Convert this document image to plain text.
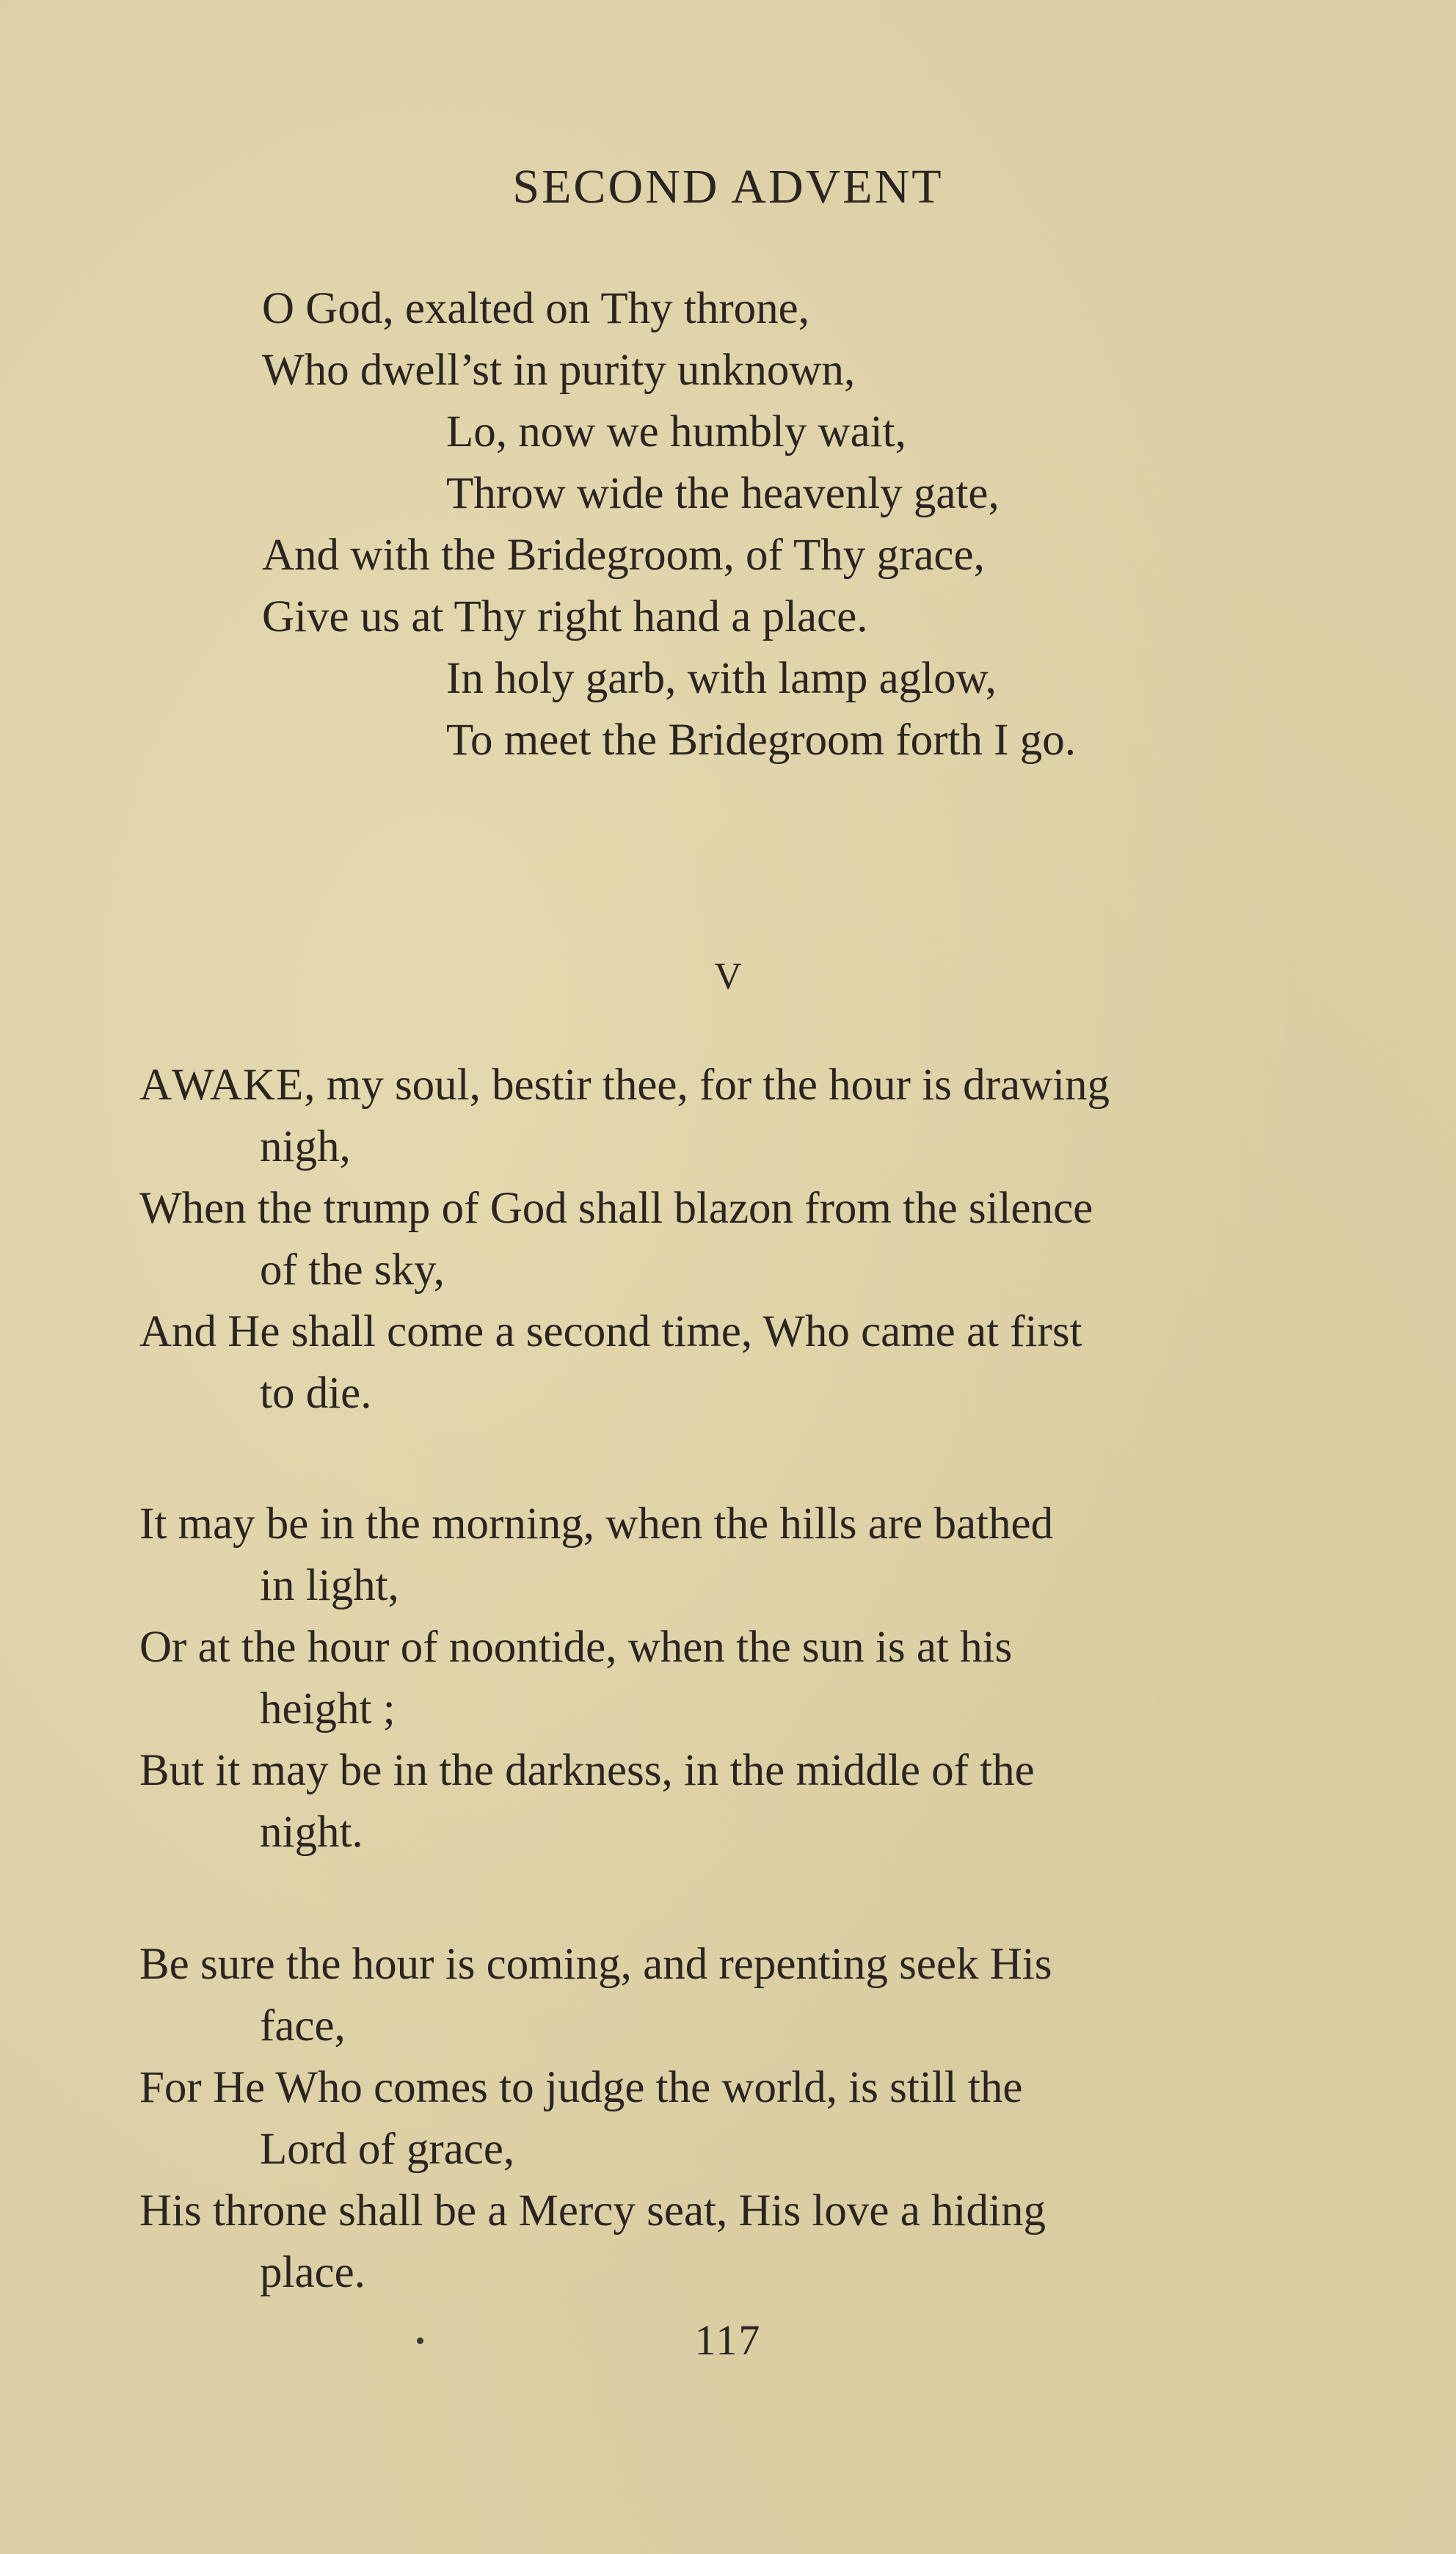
SECOND ADVENT
O God, exalted on Thy throne,
Who dwell’st in purity unknown,
Lo, now we humbly wait,
Throw wide the heavenly gate,
And with the Bridegroom, of Thy grace,
Give us at Thy right hand a place.
In holy garb, with lamp aglow,
To meet the Bridegroom forth I go.
V
AWAKE, my soul, bestir thee, for the hour is drawing
nigh,
When the trump of God shall blazon from the silence
of the sky,
And He shall come a second time, Who came at first
to die.
It may be in the morning, when the hills are bathed
in light,
Or at the hour of noontide, when the sun is at his
height ;
But it may be in the darkness, in the middle of the
night.
Be sure the hour is coming, and repenting seek His
face,
For He Who comes to judge the world, is still the
Lord of grace,
His throne shall be a Mercy seat, His love a hiding
place.
117
